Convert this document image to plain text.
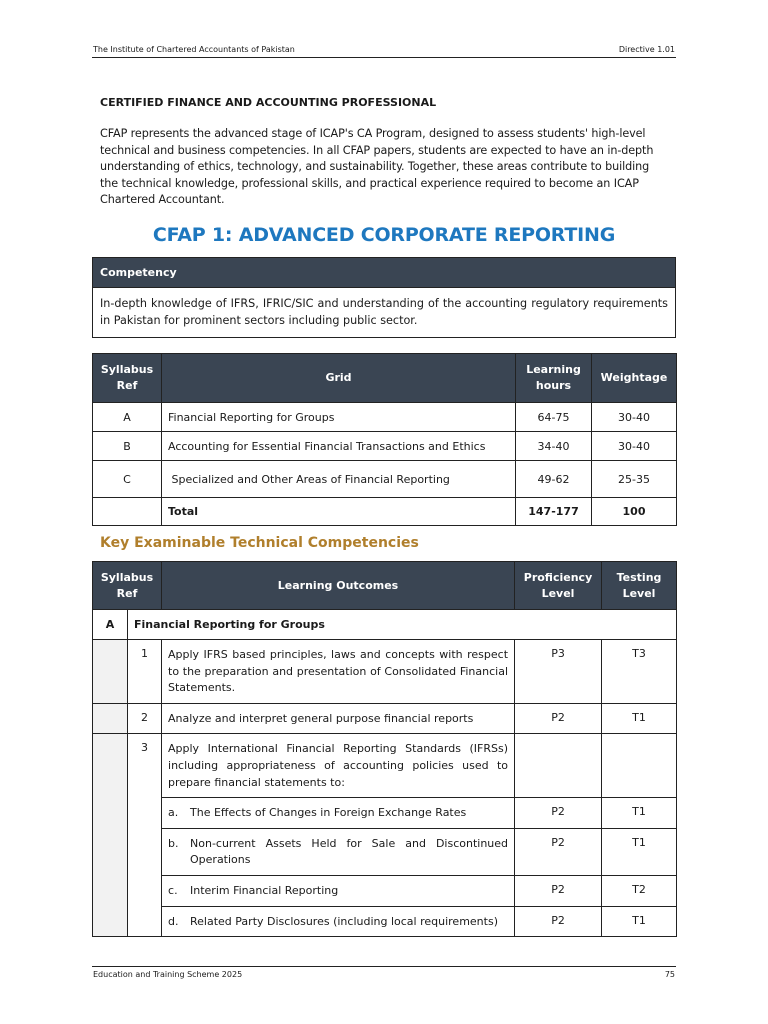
The Institute of Chartered Accountants of Pakistan	Directive 1.01
CERTIFIED FINANCE AND ACCOUNTING PROFESSIONAL

CFAP represents the advanced stage of ICAP's CA Program, designed to assess students' high-level technical and business competencies. In all CFAP papers, students are expected to have an in-depth understanding of ethics, technology, and sustainability. Together, these areas contribute to building the technical knowledge, professional skills, and practical experience required to become an ICAP Chartered Accountant.

CFAP 1: ADVANCED CORPORATE REPORTING
Competency

In-depth knowledge of IFRS, IFRIC/SIC and understanding of the accounting regulatory requirements in Pakistan for prominent sectors including public sector.

Syllabus Ref	Grid	Learning hours	Weightage
A	Financial Reporting for Groups	64-75	30-40
B	Accounting for Essential Financial Transactions and Ethics	34-40	30-40
C	Specialized and Other Areas of Financial Reporting	49-62	25-35
	Total	147-177	100
Key Examinable Technical Competencies
Syllabus Ref		Learning Outcomes	Proficiency Level	Testing Level
A	Financial Reporting for Groups			
	1	Apply IFRS based principles, laws and concepts with respect to the preparation and presentation of Consolidated Financial Statements.	P3	T3
	2	Analyze and interpret general purpose financial reports	P2	T1
	3	Apply International Financial Reporting Standards (IFRSs) including appropriateness of accounting policies used to prepare financial statements to:		

		a. The Effects of Changes in Foreign Exchange Rates	P2	T1

		b. Non-current Assets Held for Sale and Discontinued Operations	P2	T1

		c. Interim Financial Reporting	P2	T2

		d. Related Party Disclosures (including local requirements)	P2	T1
Education and Training Scheme 2025	75
